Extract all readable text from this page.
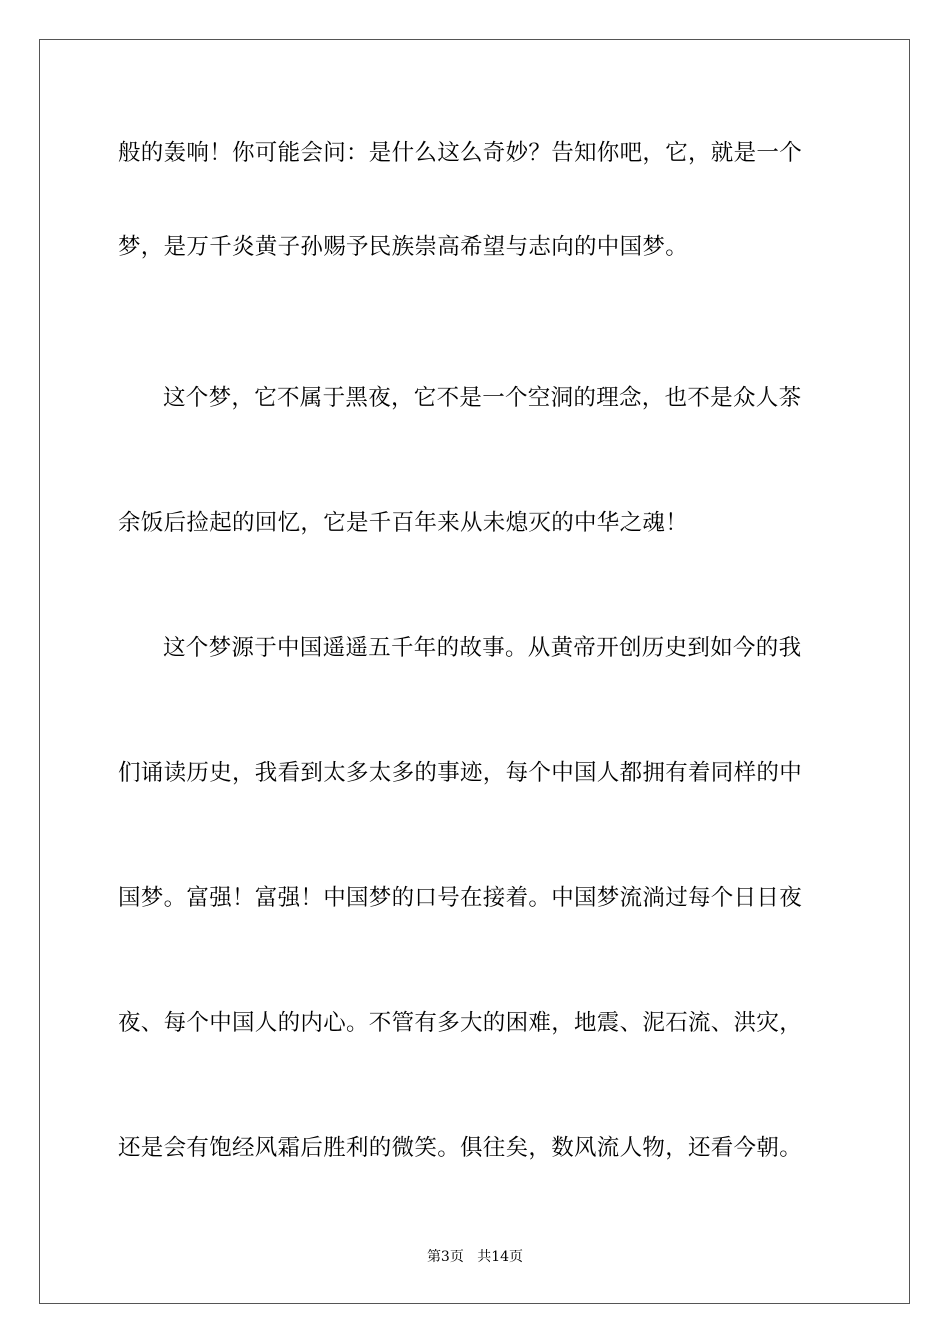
般的轰响！你可能会问：是什么这么奇妙？告知你吧，它，就是一个
梦，是万千炎黄子孙赐予民族崇高希望与志向的中国梦。
这个梦，它不属于黑夜，它不是一个空洞的理念，也不是众人茶
余饭后捡起的回忆，它是千百年来从未熄灭的中华之魂！
这个梦源于中国遥遥五千年的故事。从黄帝开创历史到如今的我
们诵读历史，我看到太多太多的事迹，每个中国人都拥有着同样的中
国梦。富强！富强！中国梦的口号在接着。中国梦流淌过每个日日夜
夜、每个中国人的内心。不管有多大的困难，地震、泥石流、洪灾，
还是会有饱经风霜后胜利的微笑。俱往矣，数风流人物，还看今朝。
第3页 共14页
